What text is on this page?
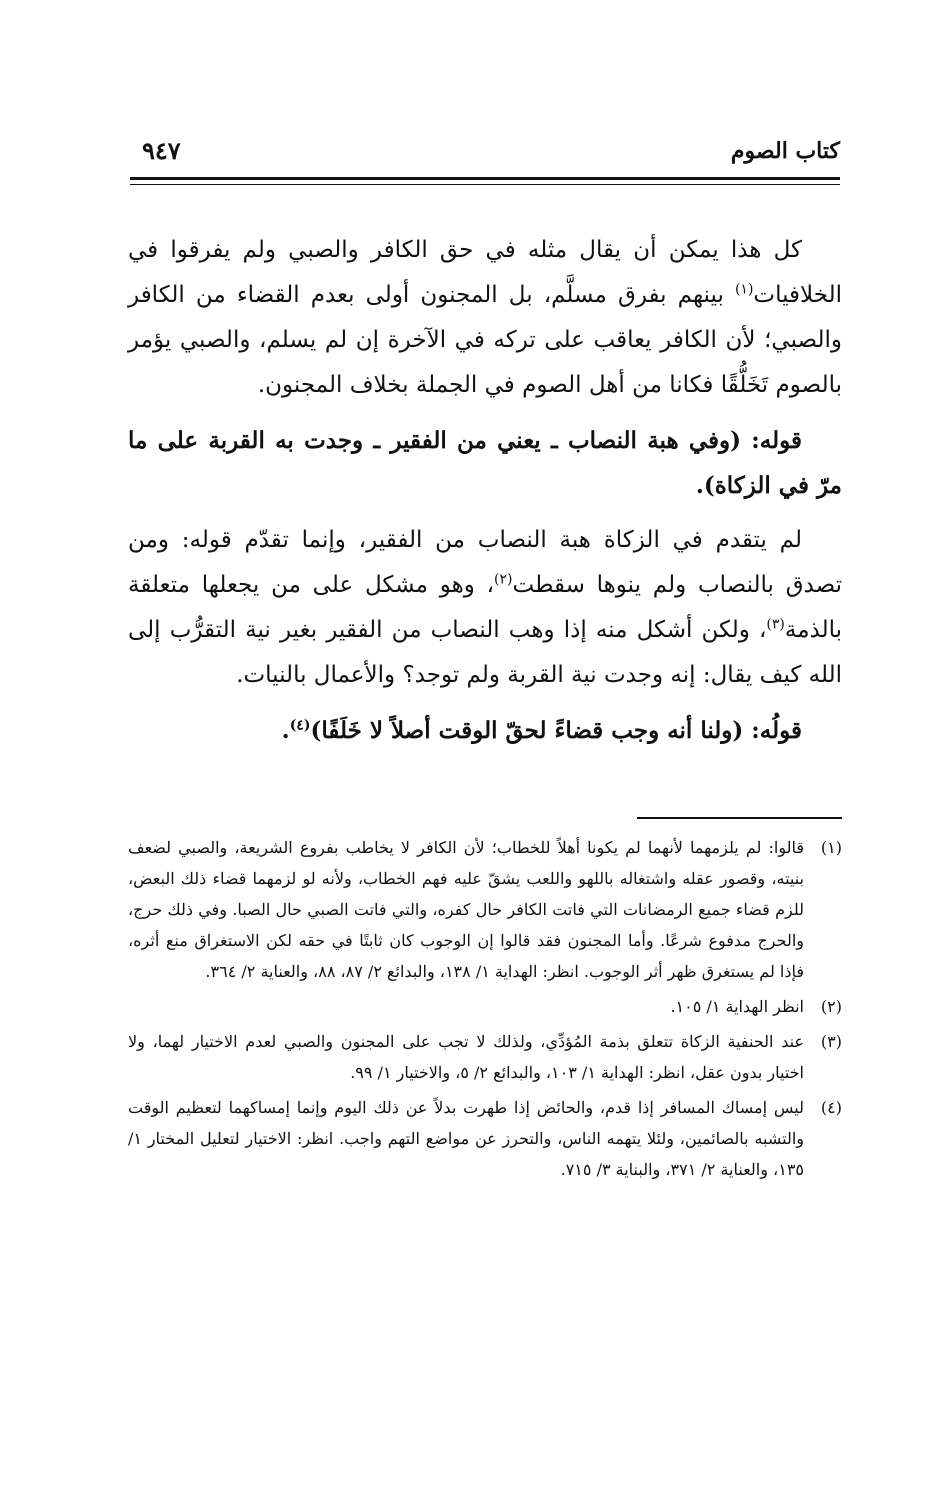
كتاب الصوم
٩٤٧

كل هذا يمكن أن يقال مثله في حق الكافر والصبي ولم يفرقوا في الخلافيات$^{(١)}$ بينهم بفرق مسلَّم، بل المجنون أولى بعدم القضاء من الكافر والصبي؛ لأن الكافر يعاقب على تركه في الآخرة إن لم يسلم، والصبي يؤمر بالصوم تَخَلُّقًا فكانا من أهل الصوم في الجملة بخلاف المجنون.

قوله: (وفي هبة النصاب ـ يعني من الفقير ـ وجدت به القربة على ما مرّ في الزكاة).

لم يتقدم في الزكاة هبة النصاب من الفقير، وإنما تقدّم قوله: ومن تصدق بالنصاب ولم ينوها سقطت$^{(٢)}$، وهو مشكل على من يجعلها متعلقة بالذمة$^{(٣)}$، ولكن أشكل منه إذا وهب النصاب من الفقير بغير نية التقرُّب إلى الله كيف يقال: إنه وجدت نية القربة ولم توجد؟ والأعمال بالنيات.

قولُه: (ولنا أنه وجب قضاءً لحقّ الوقت أصلاً لا خَلَفًا)$^{(٤)}$.

(١)
قالوا: لم يلزمهما لأنهما لم يكونا أهلاً للخطاب؛ لأن الكافر لا يخاطب بفروع الشريعة، والصبي لضعف بنيته، وقصور عقله واشتغاله باللهو واللعب يشقّ عليه فهم الخطاب، ولأنه لو لزمهما قضاء ذلك البعض، للزم قضاء جميع الرمضانات التي فاتت الكافر حال كفره، والتي فاتت الصبي حال الصبا. وفي ذلك حرج، والحرج مدفوع شرعًا. وأما المجنون فقد قالوا إن الوجوب كان ثابتًا في حقه لكن الاستغراق منع أثره، فإذا لم يستغرق ظهر أثر الوجوب. انظر: الهداية ١/ ١٣٨، والبدائع ٢/ ٨٧، ٨٨، والعناية ٢/ ٣٦٤.
(٢)
انظر الهداية ١/ ١٠٥.
(٣)
عند الحنفية الزكاة تتعلق بذمة المُؤدِّي، ولذلك لا تجب على المجنون والصبي لعدم الاختيار لهما، ولا اختيار بدون عقل، انظر: الهداية ١/ ١٠٣، والبدائع ٢/ ٥، والاختيار ١/ ٩٩.
(٤)
ليس إمساك المسافر إذا قدم، والحائض إذا طهرت بدلاً عن ذلك اليوم وإنما إمساكهما لتعظيم الوقت والتشبه بالصائمين، ولئلا يتهمه الناس، والتحرز عن مواضع التهم واجب. انظر: الاختيار لتعليل المختار ١/ ١٣٥، والعناية ٢/ ٣٧١، والبناية ٣/ ٧١٥.
